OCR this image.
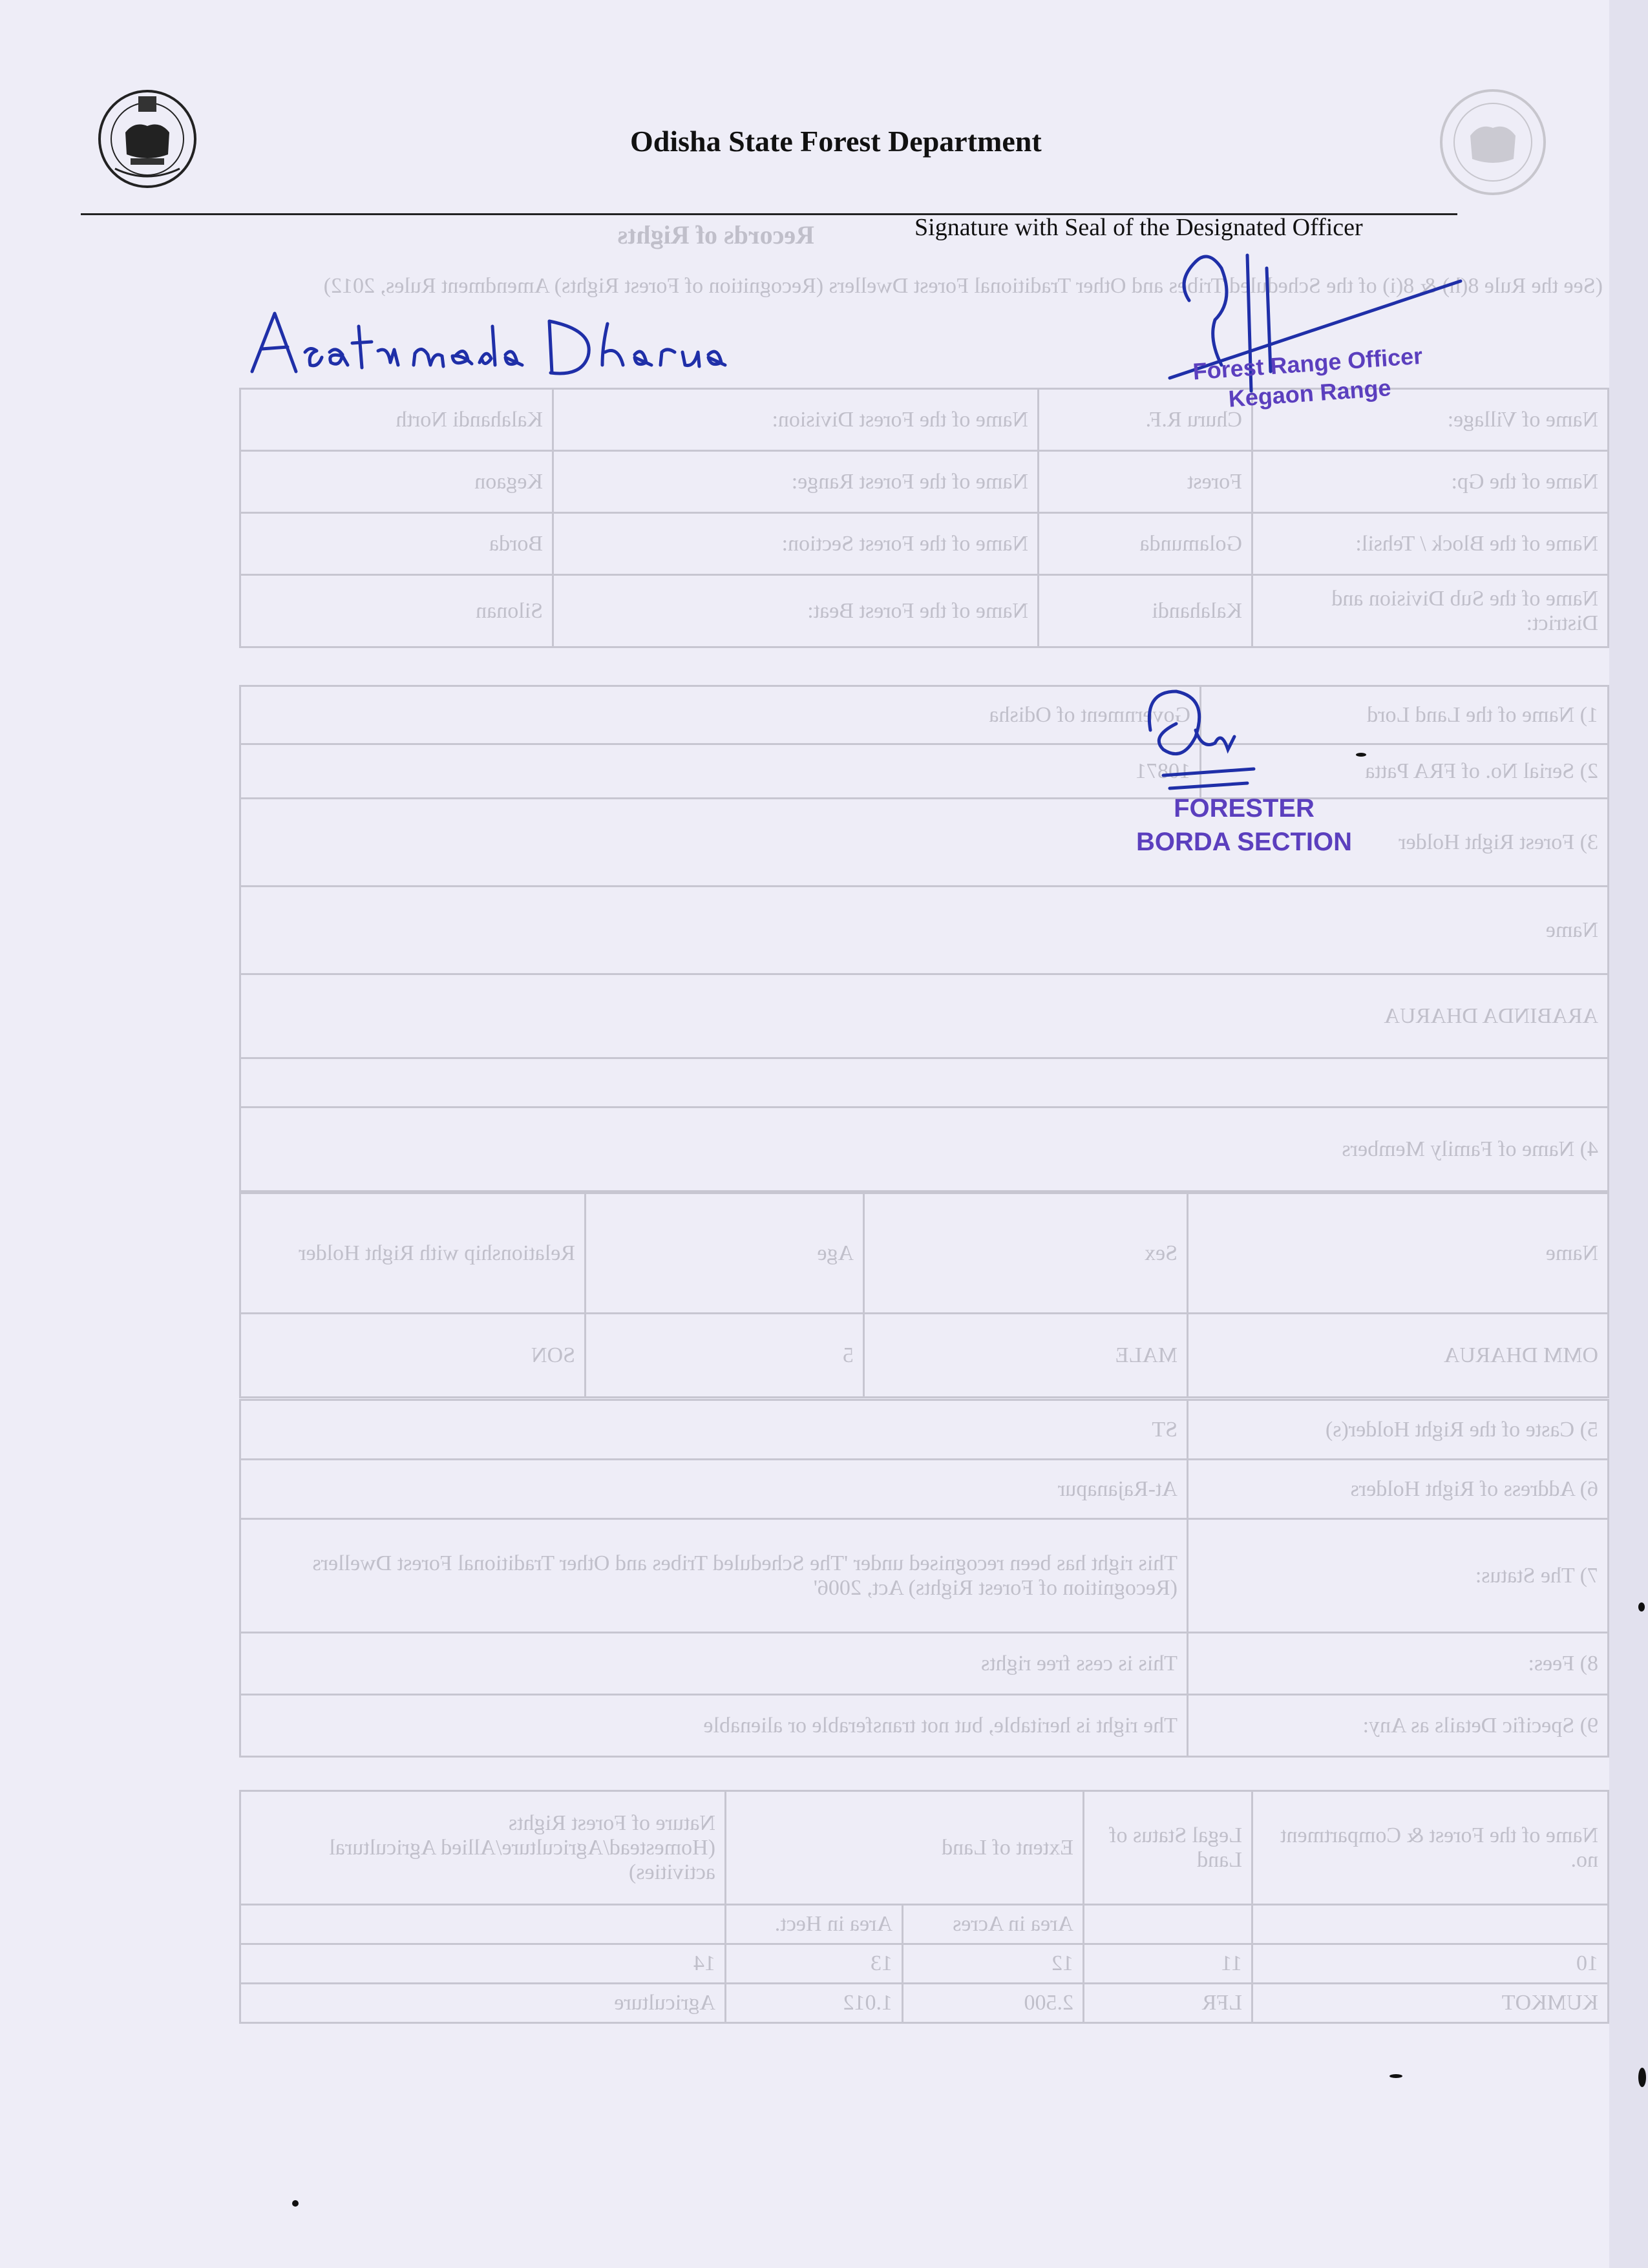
Records of Rights
(See the Rule 8(h) & 8(i) of the Scheduled Tribes and Other Traditional Forest Dwellers (Recognition of Forest Rights) Amendment Rules, 2012)
Name of Village:	Churu R.F.	Name of the Forest Division:	Kalahandi North
Name of the Gp:	Forest	Name of the Forest Range:	Kegaon
Name of the Block / Tehsil:	Golamunda	Name of the Forest Section:	Borda
Name of the Sub Division and District:	Kalahandi	Name of the Forest Beat:	Silonan
1) Name of the Land Lord	Government of Odisha
2) Serial No. of FRA Patta	10871
3) Forest Right Holder	
Name	
ARABINDA DHARUA	

4) Name of Family Members	
Name	Sex	Age	Relationship with Right Holder
OMM DHARUA	MALE	5	SON
5) Caste of the Right Holder(s)	ST
6) Address of Right Holders	At-Rajanapur
7) The Status:	This right has been recognised under 'The Scheduled Tribes and Other Traditional Forest Dwellers (Recognition of Forest Rights) Act, 2006'
8) Fees:	This is cess free rights
9) Specific Details as Any:	The right is heritable, but not transferable or alienable
Name of the Forest & Compartment no.	Legal Status of Land	Extent of Land		Nature of Forest Rights (Homestead/Agriculture/Allied Agricultural activities)
		Area in Acres	Area in Hect.	
10	11	12	13	14
KUMKOT	LFR	2.500	1.012	Agriculture
Odisha State Forest Department
Signature with Seal of the Designated Officer
Forest Range Officer
Kegaon Range
FORESTER
BORDA SECTION
